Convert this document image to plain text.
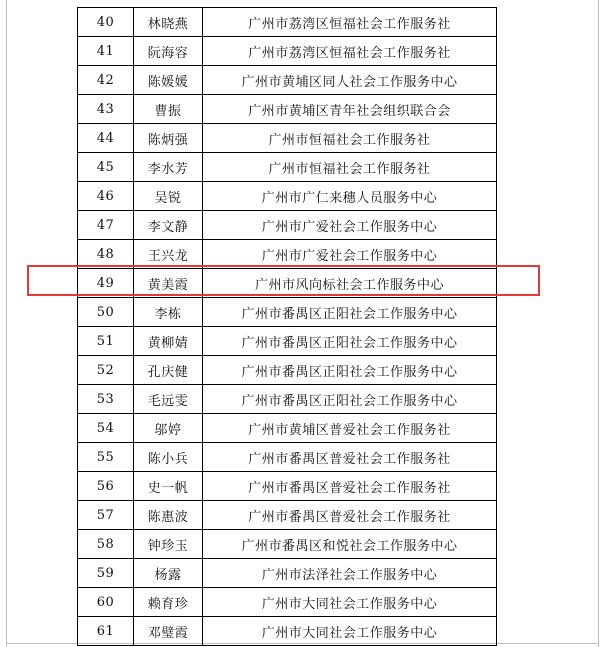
40	林晓燕	广州市荔湾区恒福社会工作服务社
41	阮海容	广州市荔湾区恒福社会工作服务社
42	陈媛媛	广州市黄埔区同人社会工作服务中心
43	曹振	广州市黄埔区青年社会组织联合会
44	陈炳强	广州市恒福社会工作服务社
45	李水芳	广州市恒福社会工作服务社
46	吴锐	广州市广仁来穗人员服务中心
47	李文静	广州市广爱社会工作服务中心
48	王兴龙	广州市广爱社会工作服务中心
49	黄美霞	广州市风向标社会工作服务中心
50	李栋	广州市番禺区正阳社会工作服务中心
51	黄柳婧	广州市番禺区正阳社会工作服务中心
52	孔庆健	广州市番禺区正阳社会工作服务中心
53	毛远雯	广州市番禺区正阳社会工作服务中心
54	邬婷	广州市黄埔区普爱社会工作服务社
55	陈小兵	广州市番禺区普爱社会工作服务社
56	史一帆	广州市番禺区普爱社会工作服务社
57	陈惠波	广州市番禺区普爱社会工作服务社
58	钟珍玉	广州市番禺区和悦社会工作服务中心
59	杨露	广州市法泽社会工作服务中心
60	赖育珍	广州市大同社会工作服务中心
61	邓璧霞	广州市大同社会工作服务中心
